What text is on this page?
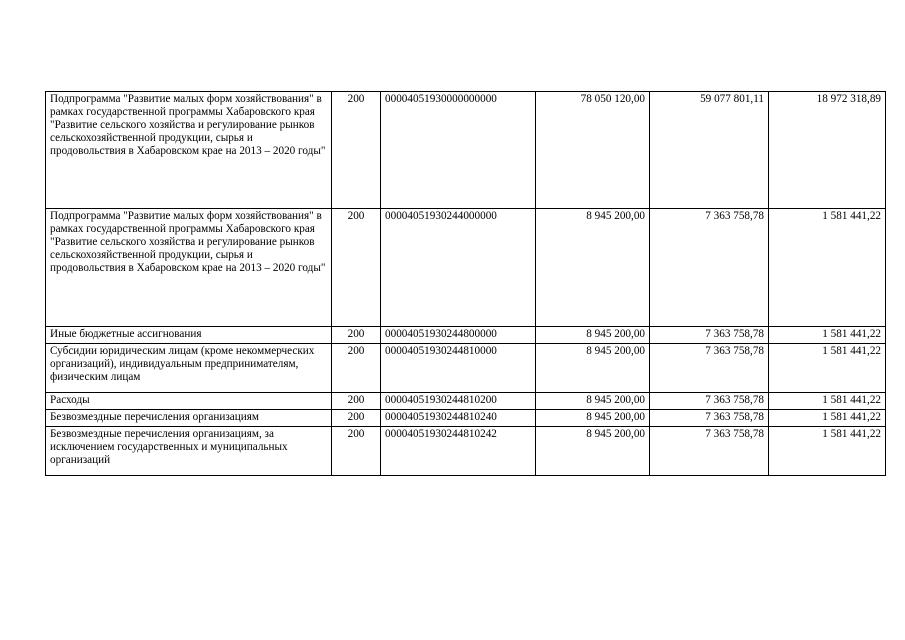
Подпрограмма "Развитие малых форм хозяйствования" в рамках государственной программы Хабаровского края "Развитие сельского хозяйства и регулирование рынков сельскохозяйственной продукции, сырья и продовольствия в Хабаровском крае на 2013 – 2020 годы"	200	00004051930000000000	78 050 120,00	59 077 801,11	18 972 318,89
Подпрограмма "Развитие малых форм хозяйствования" в рамках государственной программы Хабаровского края "Развитие сельского хозяйства и регулирование рынков сельскохозяйственной продукции, сырья и продовольствия в Хабаровском крае на 2013 – 2020 годы"	200	00004051930244000000	8 945 200,00	7 363 758,78	1 581 441,22
Иные бюджетные ассигнования	200	00004051930244800000	8 945 200,00	7 363 758,78	1 581 441,22
Субсидии юридическим лицам (кроме некоммерческих организаций), индивидуальным предпринимателям, физическим лицам	200	00004051930244810000	8 945 200,00	7 363 758,78	1 581 441,22
Расходы	200	00004051930244810200	8 945 200,00	7 363 758,78	1 581 441,22
Безвозмездные перечисления организациям	200	00004051930244810240	8 945 200,00	7 363 758,78	1 581 441,22
Безвозмездные перечисления организациям, за исключением государственных и муниципальных организаций	200	00004051930244810242	8 945 200,00	7 363 758,78	1 581 441,22
